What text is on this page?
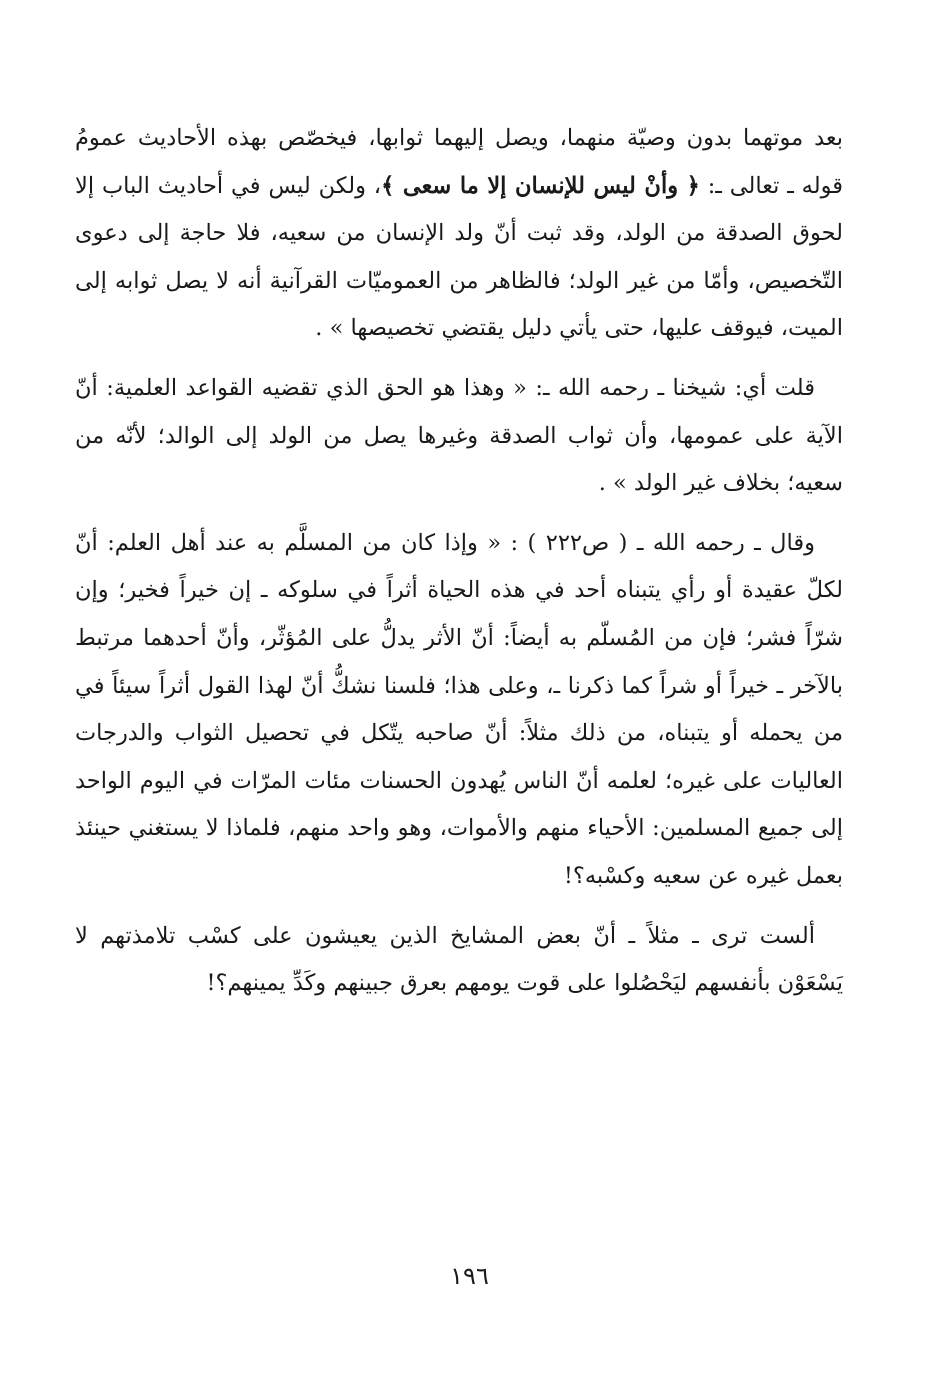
بعد موتهما بدون وصيّة منهما، ويصل إليهما ثوابها، فيخصّص بهذه الأحاديث عمومُ قوله ـ تعالى ـ: ﴿ وأنْ ليس للإنسان إلا ما سعى ﴾، ولكن ليس في أحاديث الباب إلا لحوق الصدقة من الولد، وقد ثبت أنّ ولد الإنسان من سعيه، فلا حاجة إلى دعوى التّخصيص، وأمّا من غير الولد؛ فالظاهر من العموميّات القرآنية أنه لا يصل ثوابه إلى الميت، فيوقف عليها، حتى يأتي دليل يقتضي تخصيصها » .

قلت أي: شيخنا ـ رحمه الله ـ: « وهذا هو الحق الذي تقضيه القواعد العلمية: أنّ الآية على عمومها، وأن ثواب الصدقة وغيرها يصل من الولد إلى الوالد؛ لأنّه من سعيه؛ بخلاف غير الولد » .

وقال ـ رحمه الله ـ ( ص٢٢٢ ) : « وإذا كان من المسلَّم به عند أهل العلم: أنّ لكلّ عقيدة أو رأي يتبناه أحد في هذه الحياة أثراً في سلوكه ـ إن خيراً فخير؛ وإن شرّاً فشر؛ فإن من المُسلّم به أيضاً: أنّ الأثر يدلُّ على المُؤثّر، وأنّ أحدهما مرتبط بالآخر ـ خيراً أو شراً كما ذكرنا ـ، وعلى هذا؛ فلسنا نشكُّ أنّ لهذا القول أثراً سيئاً في من يحمله أو يتبناه، من ذلك مثلاً: أنّ صاحبه يتّكل في تحصيل الثواب والدرجات العاليات على غيره؛ لعلمه أنّ الناس يُهدون الحسنات مئات المرّات في اليوم الواحد إلى جميع المسلمين: الأحياء منهم والأموات، وهو واحد منهم، فلماذا لا يستغني حينئذ بعمل غيره عن سعيه وكسْبه؟!

ألست ترى ـ مثلاً ـ أنّ بعض المشايخ الذين يعيشون على كسْب تلامذتهم لا يَسْعَوْن بأنفسهم ليَحْصُلوا على قوت يومهم بعرق جبينهم وكَدِّ يمينهم؟!

١٩٦
